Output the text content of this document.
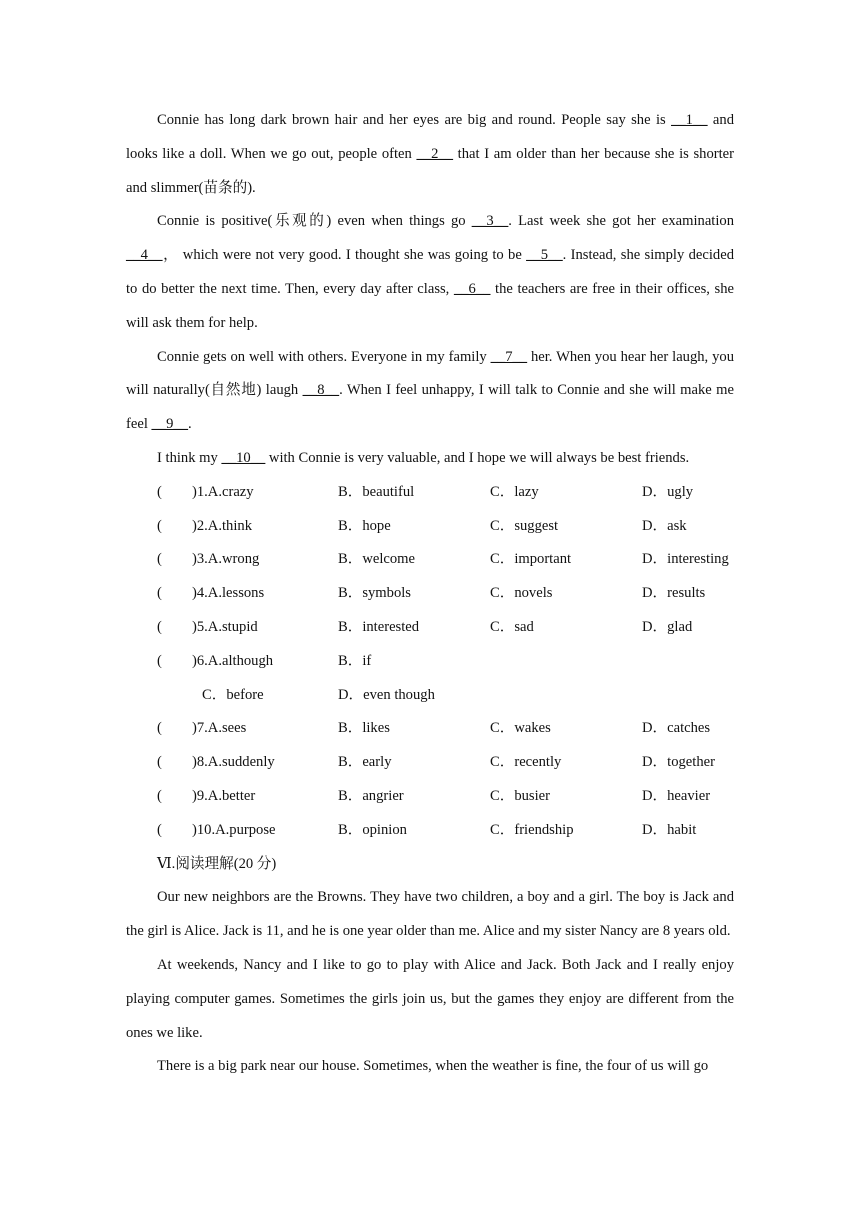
Connie has long dark brown hair and her eyes are big and round. People say she is __1__ and looks like a doll. When we go out, people often __2__ that I am older than her because she is shorter and slimmer(苗条的).

Connie is positive(乐观的) even when things go __3__. Last week she got her examination __4__， which were not very good. I thought she was going to be __5__. Instead, she simply decided to do better the next time. Then, every day after class, __6__ the teachers are free in their offices, she will ask them for help.

Connie gets on well with others. Everyone in my family __7__ her. When you hear her laugh, you will naturally(自然地) laugh __8__. When I feel unhappy, I will talk to Connie and she will make me feel __9__.

I think my __10__ with Connie is very valuable, and I hope we will always be best friends.

( )1.A.crazy	B．beautiful	C．lazy	D．ugly
( )2.A.think	B．hope	C．suggest	D．ask
( )3.A.wrong	B．welcome	C．important	D．interesting
( )4.A.lessons	B．symbols	C．novels	D．results
( )5.A.stupid	B．interested	C．sad	D．glad
( )6.A.although	B．if
C．before	D．even though
( )7.A.sees	B．likes	C．wakes	D．catches
( )8.A.suddenly	B．early	C．recently	D．together
( )9.A.better	B．angrier	C．busier	D．heavier
( )10.A.purpose	B．opinion	C．friendship	D．habit

Ⅵ.阅读理解(20 分)

Our new neighbors are the Browns. They have two children, a boy and a girl. The boy is Jack and the girl is Alice. Jack is 11, and he is one year older than me. Alice and my sister Nancy are 8 years old.

At weekends, Nancy and I like to go to play with Alice and Jack. Both Jack and I really enjoy playing computer games. Sometimes the girls join us, but the games they enjoy are different from the ones we like.

There is a big park near our house. Sometimes, when the weather is fine, the four of us will go
